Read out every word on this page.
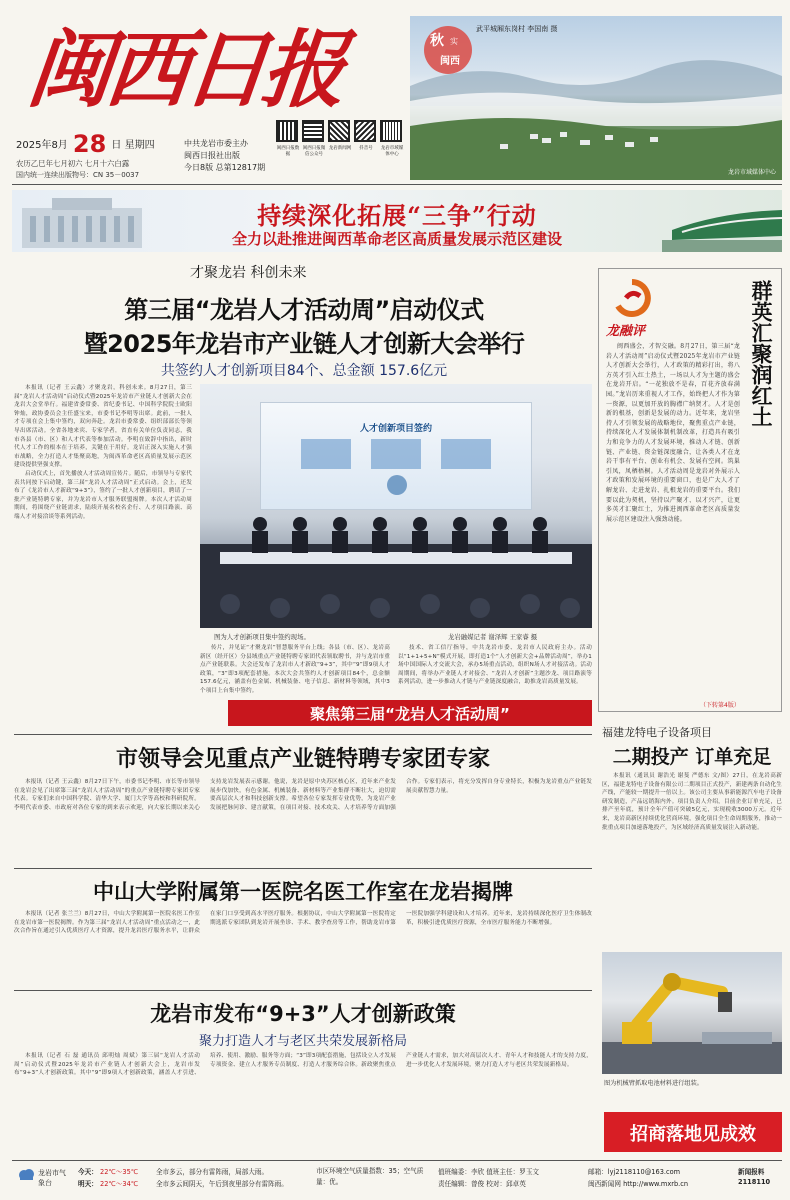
闽西日报
2025年8月 28 日 星期四
农历乙巳年七月初六 七月十六白露
国内统一连续出版物号：CN 35－0037
中共龙岩市委主办
闽西日报社出版
今日8版 总第12817期
闽西日报数据
闽西日报微信公众号
龙岩新闻网	抖音号	龙岩市域媒体中心
秋
闽西
实
武平城厢东岗村 李国南 摄
龙岩市域媒体中心
持续深化拓展“三争”行动
全力以赴推进闽西革命老区高质量发展示范区建设
才聚龙岩 科创未来
第三届“龙岩人才活动周”启动仪式
暨2025年龙岩市产业链人才创新大会举行
共签约人才创新项目84个、总金额 157.6亿元

本报讯（记者 王云鑫）才聚龙岩，科创未来。8月27日，第三届“龙岩人才活动周”启动仪式暨2025年龙岩市产业链人才创新大会在龙岩大会堂举行。福建省委常委、省纪委书记、中国科学院院士欧阳钟灿，政协委员会主任盛宝来，市委书记李明等出席。此前，一批人才专项在会上集中签约，双向奔赴。龙岩市委常委、组织部部长等领导出席活动。全省各地来宾、专家学者，省直有关单位负责同志，我市各县（市、区）和人才代表等参加活动。李明在致辞中指出，新时代人才工作的根本在于培养，关键在于用好。龙岩正深入实施人才强市战略，全力打造人才集聚高地，为闽西革命老区高质量发展示范区建设提供坚强支撑。

启动仪式上，首先播放人才活动周宣传片。随后，市领导与专家代表共同按下启动键，第三届“龙岩人才活动周”正式启动。会上，还发布了《龙岩市人才新政“9+3”》，签约了一批人才创新项目，聘请了一批产业链特聘专家，并为龙岩市人才服务联盟揭牌。本次人才活动周期间，将围绕产业链需求，陆续开展名校名企行、人才项目路演、高端人才对接洽谈等系列活动。

人才创新项目签约
图为人才创新项目集中签约现场。	龙岩融媒记者 谢泽辉 王家睿 摄

传片，并见证“才聚龙岩”智慧服务平台上线；各县（市、区）、龙岩高新区（经开区）分县域重点产业链特聘专家团代表领取聘书，并与龙岩市重点产业链联系。大会还发布了龙岩市人才新政“9+3”，其中“9”即9项人才政策，“3”即3项配套措施。本次大会共签约人才创新项目84个，总金额157.6亿元，涵盖有色金属、机械装备、电子信息、新材料等领域，其中3个项目上台集中签约。

技术、省工信厅指导，中共龙岩市委、龙岩市人民政府主办。活动以“1+1+5+N”模式开展，即打造1个“人才创新大会+品牌活动周”，举办1场中国国际人才交流大会，承办5场重点活动，组织N场人才对接活动。活动周期间，将举办产业链人才对接会、“龙岩人才创新”主题沙龙、项目路演等系列活动，进一步推动人才链与产业链深度融合，助推龙岩高质量发展。

聚焦第三届“龙岩人才活动周”
龙融评	群英汇聚润红土

闽西盛会，才智交融。8月27日，第三届“龙岩人才活动周”启动仪式暨2025年龙岩市产业链人才创新大会举行，人才政策的精彩打出，将八方英才引入红土热土，一场以人才为主题的盛会在龙岩开启。“一花独放不是春，百花齐放春满园。”龙岩历来重视人才工作，始终把人才作为第一资源，以更加开放的胸襟广纳贤才。人才是创新的根基，创新是发展的动力。近年来，龙岩坚持人才引领发展的战略地位，聚焦重点产业链，持续深化人才发展体制机制改革，打造具有吸引力和竞争力的人才发展环境，推动人才链、创新链、产业链、资金链深度融合，让各类人才在龙岩干事有平台、创业有机会、发展有空间。筑巢引凤，凤栖梧桐。人才活动周是龙岩对外展示人才政策和发展环境的重要窗口，也是广大人才了解龙岩、走进龙岩、扎根龙岩的重要平台。我们要以此为契机，坚持以产聚才、以才兴产，让更多英才汇聚红土，为推进闽西革命老区高质量发展示范区建设注入强劲动能。

（下转第4版）
福建龙特电子设备项目
二期投产 订单充足

本报讯（通讯员 谢浩光 谢斐 严德东 文/图）27日，在龙岩高新区，福建龙特电子设备有限公司二期项目正式投产，新建两条自动化生产线，产能较一期提升一倍以上。该公司主要从事新能源汽车电子设备研发制造，产品远销海内外。项目负责人介绍，目前企业订单充足，已排产至年底，预计全年产值可突破5亿元，实现税收3000万元。近年来，龙岩高新区持续优化营商环境，强化项目全生命周期服务，推动一批重点项目加速落地投产，为区域经济高质量发展注入新动能。

图为机械臂抓取电池材料进行组装。
招商落地见成效
市领导会见重点产业链特聘专家团专家

本报讯（记者 王云鑫）8月27日下午，市委书记李明、市长等市领导在龙岩会见了出席第三届“龙岩人才活动周”的重点产业链特聘专家团专家代表。专家们来自中国科学院、清华大学、厦门大学等高校和科研院所。李明代表市委、市政府对各位专家的到来表示欢迎，向大家长期以来关心支持龙岩发展表示感谢。他说，龙岩是原中央苏区核心区，近年来产业发展步伐加快，有色金属、机械装备、新材料等产业集群不断壮大，迫切需要高层次人才和科技创新支撑。希望各位专家发挥专业优势，为龙岩产业发展把脉问诊、建言献策，在项目对接、技术攻关、人才培养等方面加强合作。专家们表示，将充分发挥自身专业特长，积极为龙岩重点产业链发展贡献智慧力量。

中山大学附属第一医院名医工作室在龙岩揭牌

本报讯（记者 张兰兰）8月27日，中山大学附属第一医院名医工作室在龙岩市第一医院揭牌。作为第三届“龙岩人才活动周”重点活动之一，此次合作旨在通过引入优质医疗人才资源，提升龙岩医疗服务水平，让群众在家门口享受到高水平医疗服务。根据协议，中山大学附属第一医院将定期选派专家团队到龙岩开展坐诊、手术、教学查房等工作，帮助龙岩市第一医院加强学科建设和人才培养。近年来，龙岩持续深化医疗卫生体制改革，积极引进优质医疗资源，全市医疗服务能力不断增强。

龙岩市发布“9+3”人才创新政策
聚力打造人才与老区共荣发展新格局

本报讯（记者 石 磊 通讯员 邱明灿 周斌）第三届“龙岩人才活动周”启动仪式暨2025年龙岩市产业链人才创新大会上，龙岩市发布“9+3”人才创新政策。其中“9”即9项人才创新政策，涵盖人才引进、培养、使用、激励、服务等方面；“3”即3项配套措施，包括设立人才发展专项资金、建立人才服务专员制度、打造人才服务综合体。新政聚焦重点产业链人才需求，加大对高层次人才、青年人才和技能人才的支持力度，进一步优化人才发展环境，聚力打造人才与老区共荣发展新格局。

龙岩市气象台
今天： 22℃～35℃
明天： 22℃～34℃
全市多云，部分有雷阵雨，局部大雨。
全市多云间阴天，午后到夜里部分有雷阵雨。
市区环境空气质量指数：35；空气质量：优。
值班编委：李欣 值班主任：罗玉文
责任编辑：曾俊 校对：邱卓英
邮箱：lyj2118110@163.com
闽西新闻网 http://www.mxrb.cn
新闻报料
2118110
